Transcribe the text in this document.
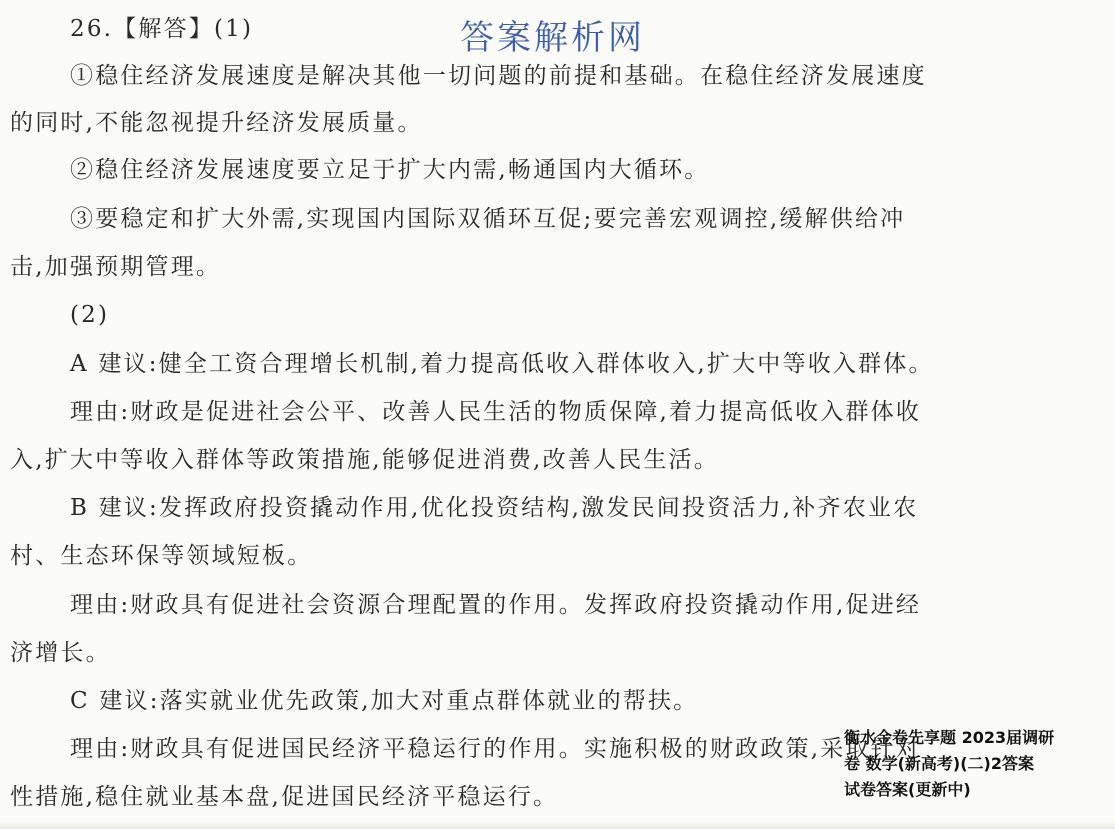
答案解析网
26.【解答】(1)
①稳住经济发展速度是解决其他一切问题的前提和基础。在稳住经济发展速度
的同时,不能忽视提升经济发展质量。
②稳住经济发展速度要立足于扩大内需,畅通国内大循环。
③要稳定和扩大外需,实现国内国际双循环互促;要完善宏观调控,缓解供给冲
击,加强预期管理。
(2)
A 建议:健全工资合理增长机制,着力提高低收入群体收入,扩大中等收入群体。
理由:财政是促进社会公平、改善人民生活的物质保障,着力提高低收入群体收
入,扩大中等收入群体等政策措施,能够促进消费,改善人民生活。
B 建议:发挥政府投资撬动作用,优化投资结构,激发民间投资活力,补齐农业农
村、生态环保等领域短板。
理由:财政具有促进社会资源合理配置的作用。发挥政府投资撬动作用,促进经
济增长。
C 建议:落实就业优先政策,加大对重点群体就业的帮扶。
理由:财政具有促进国民经济平稳运行的作用。实施积极的财政政策,采取针对
性措施,稳住就业基本盘,促进国民经济平稳运行。
衡水金卷先享题 2023届调研
卷 数学(新高考)(二)2答案
试卷答案(更新中)
